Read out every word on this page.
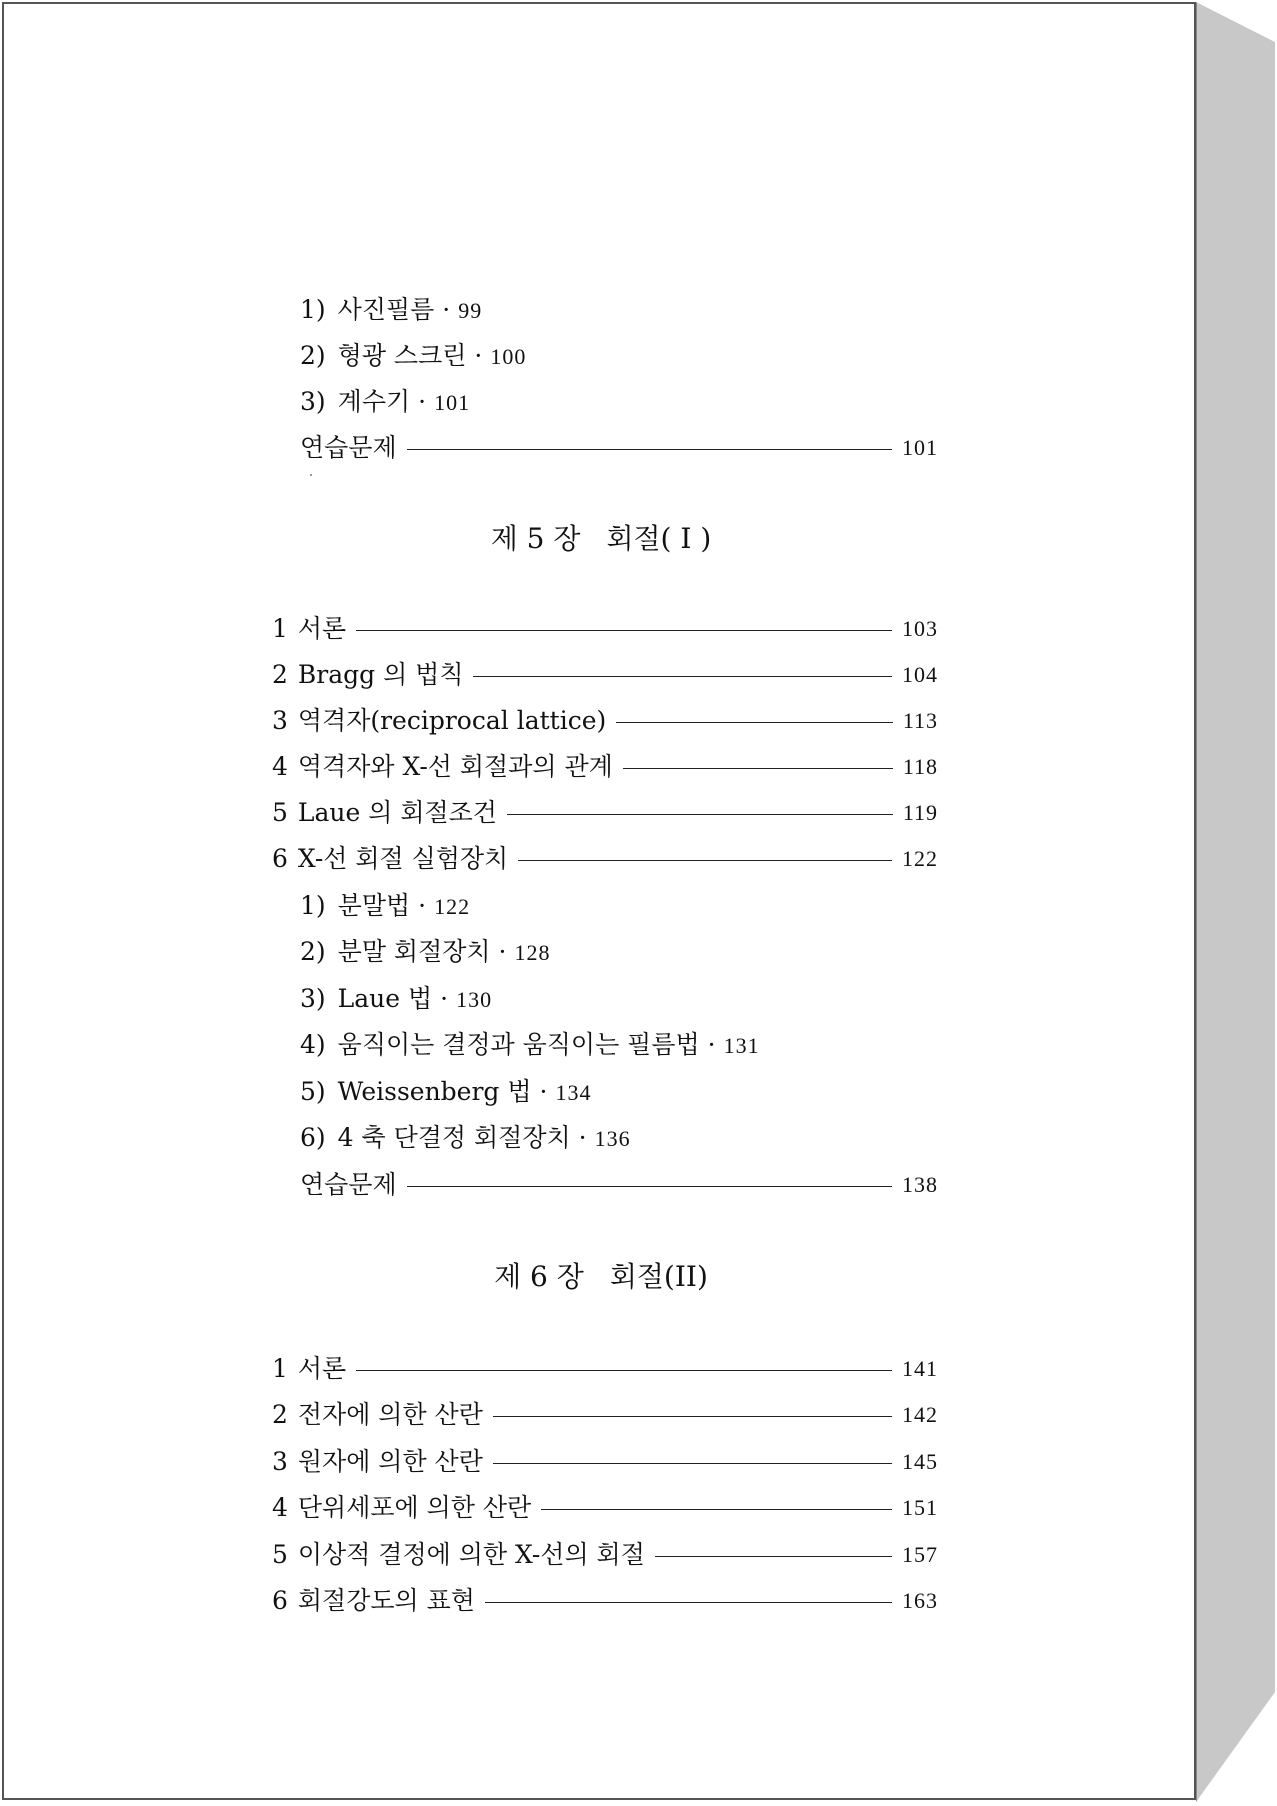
1) 사진필름 · 99
2) 형광 스크린 · 100
3) 계수기 · 101
연습문제	101
제 5 장 회절( I )
1 서론	103
2 Bragg 의 법칙	104
3 역격자(reciprocal lattice)	113
4 역격자와 X-선 회절과의 관계	118
5 Laue 의 회절조건	119
6 X-선 회절 실험장치	122
1) 분말법 · 122
2) 분말 회절장치 · 128
3) Laue 법 · 130
4) 움직이는 결정과 움직이는 필름법 · 131
5) Weissenberg 법 · 134
6) 4 축 단결정 회절장치 · 136
연습문제	138
제 6 장 회절(II)
1 서론	141
2 전자에 의한 산란	142
3 원자에 의한 산란	145
4 단위세포에 의한 산란	151
5 이상적 결정에 의한 X-선의 회절	157
6 회절강도의 표현	163
